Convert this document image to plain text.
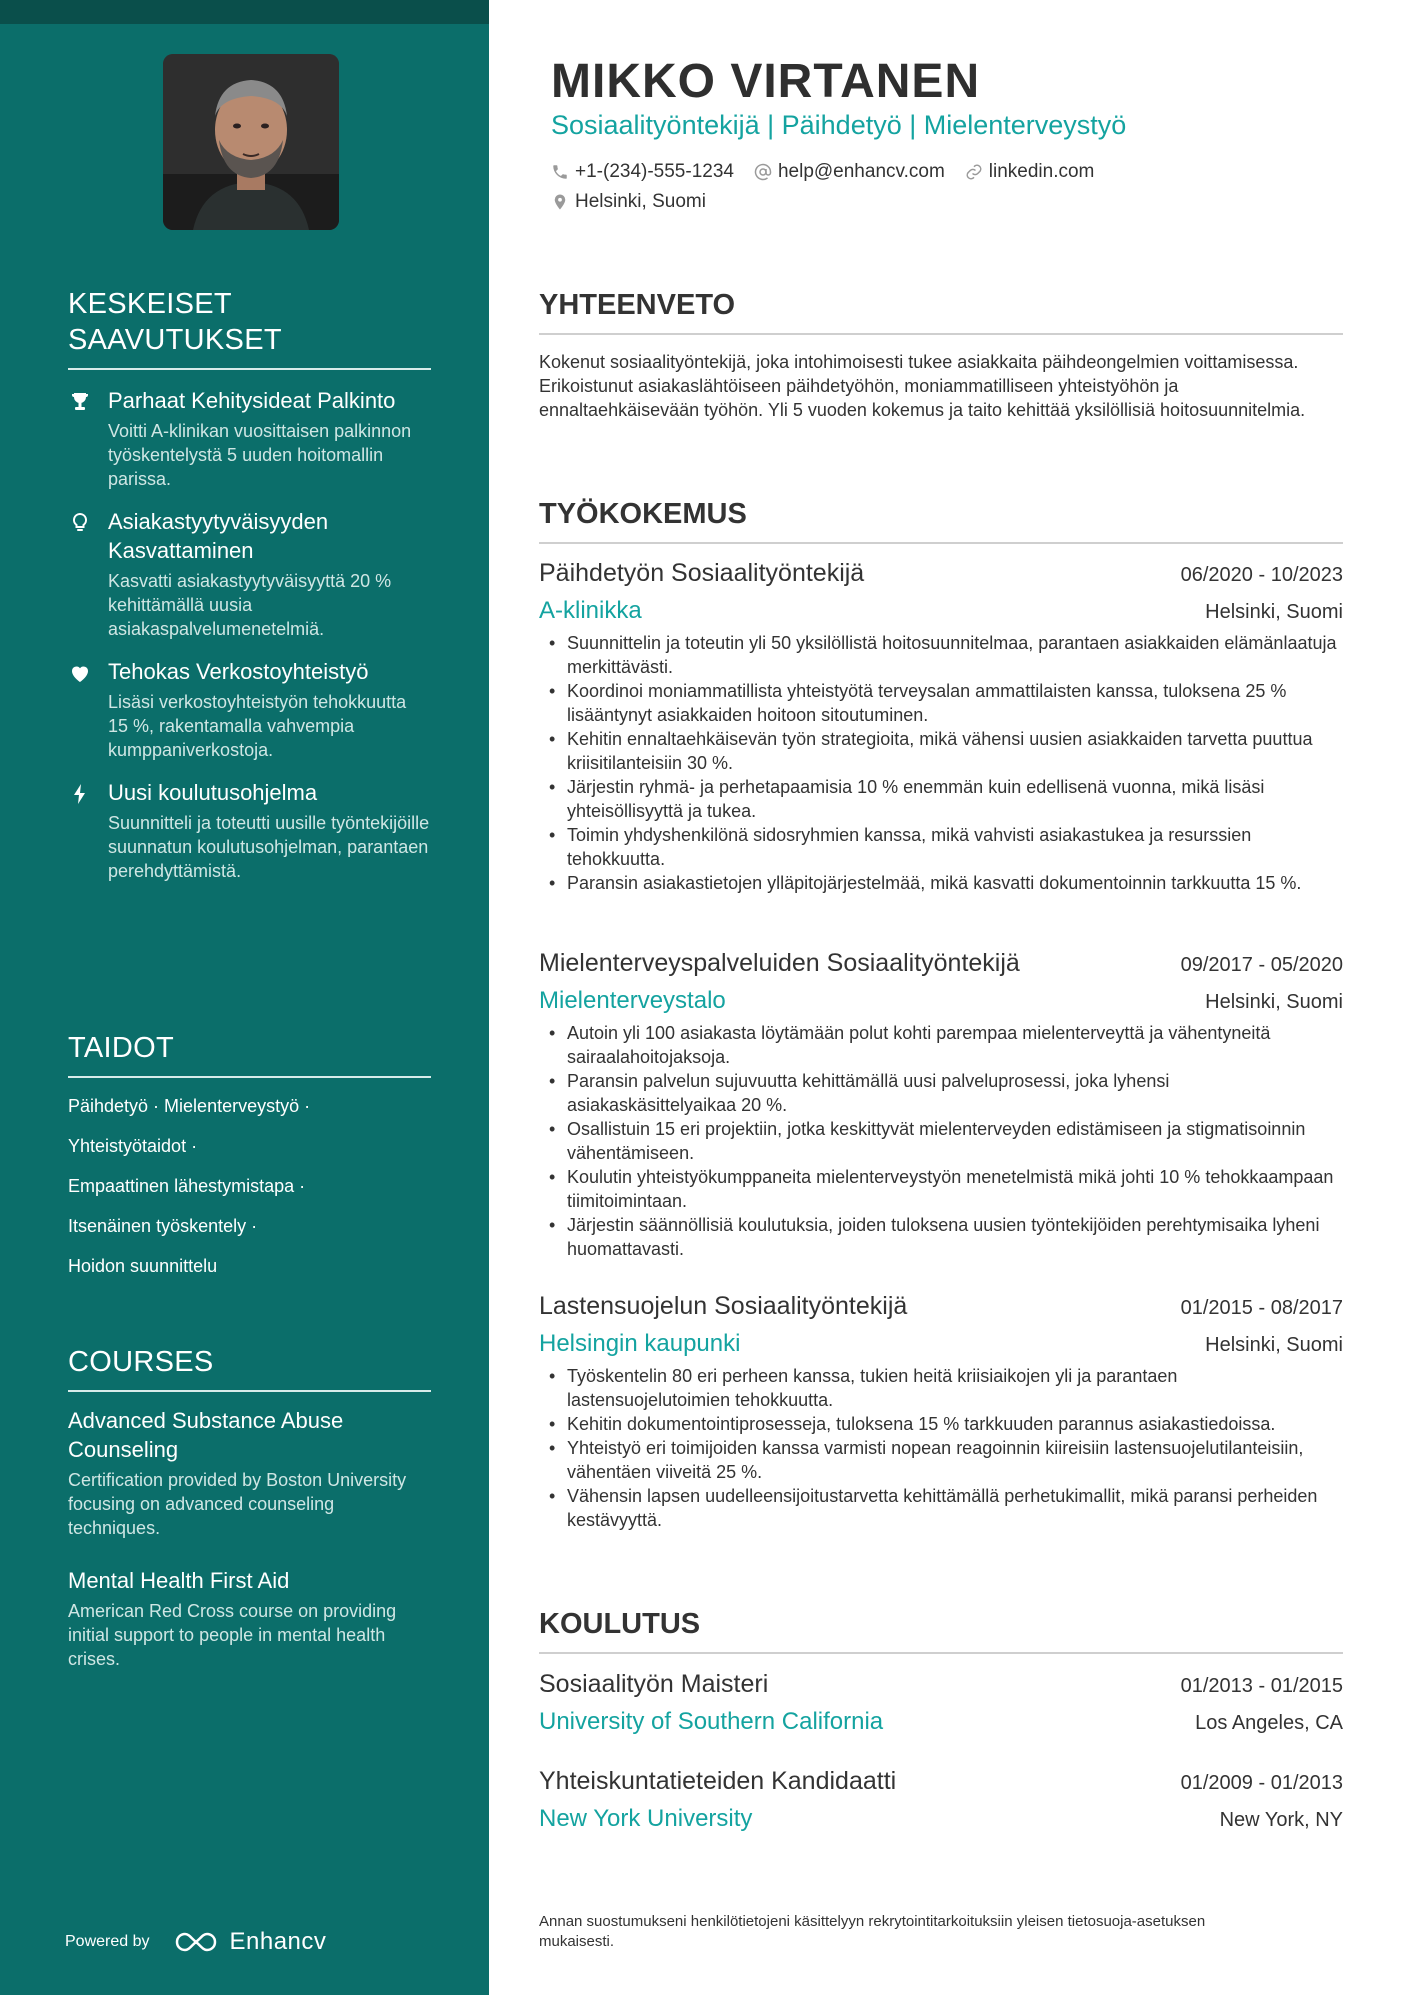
KESKEISET SAAVUTUKSET
Parhaat Kehitysideat Palkinto
Voitti A-klinikan vuosittaisen palkinnon työskentelystä 5 uuden hoitomallin parissa.
Asiakastyytyväisyyden Kasvattaminen
Kasvatti asiakastyytyväisyyttä 20 % kehittämällä uusia asiakaspalvelumenetelmiä.
Tehokas Verkostoyhteistyö
Lisäsi verkostoyhteistyön tehokkuutta 15 %, rakentamalla vahvempia kumppaniverkostoja.
Uusi koulutusohjelma
Suunnitteli ja toteutti uusille työntekijöille suunnatun koulutusohjelman, parantaen perehdyttämistä.
TAIDOT
Päihdetyö · Mielenterveystyö ·
Yhteistyötaidot ·
Empaattinen lähestymistapa ·
Itsenäinen työskentely ·
Hoidon suunnittelu
COURSES
Advanced Substance Abuse Counseling
Certification provided by Boston University focusing on advanced counseling techniques.
Mental Health First Aid
American Red Cross course on providing initial support to people in mental health crises.
Powered by	Enhancv
MIKKO VIRTANEN
Sosiaalityöntekijä | Päihdetyö | Mielenterveystyö
+1-(234)-555-1234 help@enhancv.com linkedin.com
Helsinki, Suomi
YHTEENVETO

Kokenut sosiaalityöntekijä, joka intohimoisesti tukee asiakkaita päihdeongelmien voittamisessa. Erikoistunut asiakaslähtöiseen päihdetyöhön, moniammatilliseen yhteistyöhön ja ennaltaehkäisevään työhön. Yli 5 vuoden kokemus ja taito kehittää yksilöllisiä hoitosuunnitelmia.

TYÖKOKEMUS
Päihdetyön Sosiaalityöntekijä	06/2020 - 10/2023
A-klinikka	Helsinki, Suomi
• Suunnittelin ja toteutin yli 50 yksilöllistä hoitosuunnitelmaa, parantaen asiakkaiden elämänlaatuja merkittävästi.
• Koordinoi moniammatillista yhteistyötä terveysalan ammattilaisten kanssa, tuloksena 25 % lisääntynyt asiakkaiden hoitoon sitoutuminen.
• Kehitin ennaltaehkäisevän työn strategioita, mikä vähensi uusien asiakkaiden tarvetta puuttua kriisitilanteisiin 30 %.
• Järjestin ryhmä- ja perhetapaamisia 10 % enemmän kuin edellisenä vuonna, mikä lisäsi yhteisöllisyyttä ja tukea.
• Toimin yhdyshenkilönä sidosryhmien kanssa, mikä vahvisti asiakastukea ja resurssien tehokkuutta.
• Paransin asiakastietojen ylläpitojärjestelmää, mikä kasvatti dokumentoinnin tarkkuutta 15 %.
Mielenterveyspalveluiden Sosiaalityöntekijä	09/2017 - 05/2020
Mielenterveystalo	Helsinki, Suomi
• Autoin yli 100 asiakasta löytämään polut kohti parempaa mielenterveyttä ja vähentyneitä sairaalahoitojaksoja.
• Paransin palvelun sujuvuutta kehittämällä uusi palveluprosessi, joka lyhensi asiakaskäsittelyaikaa 20 %.
• Osallistuin 15 eri projektiin, jotka keskittyvät mielenterveyden edistämiseen ja stigmatisoinnin vähentämiseen.
• Koulutin yhteistyökumppaneita mielenterveystyön menetelmistä mikä johti 10 % tehokkaampaan tiimitoimintaan.
• Järjestin säännöllisiä koulutuksia, joiden tuloksena uusien työntekijöiden perehtymisaika lyheni huomattavasti.
Lastensuojelun Sosiaalityöntekijä	01/2015 - 08/2017
Helsingin kaupunki	Helsinki, Suomi
• Työskentelin 80 eri perheen kanssa, tukien heitä kriisiaikojen yli ja parantaen lastensuojelutoimien tehokkuutta.
• Kehitin dokumentointiprosesseja, tuloksena 15 % tarkkuuden parannus asiakastiedoissa.
• Yhteistyö eri toimijoiden kanssa varmisti nopean reagoinnin kiireisiin lastensuojelutilanteisiin, vähentäen viiveitä 25 %.
• Vähensin lapsen uudelleensijoitustarvetta kehittämällä perhetukimallit, mikä paransi perheiden kestävyyttä.
KOULUTUS
Sosiaalityön Maisteri	01/2013 - 01/2015
University of Southern California	Los Angeles, CA
Yhteiskuntatieteiden Kandidaatti	01/2009 - 01/2013
New York University	New York, NY

Annan suostumukseni henkilötietojeni käsittelyyn rekrytointitarkoituksiin yleisen tietosuoja-asetuksen mukaisesti.
